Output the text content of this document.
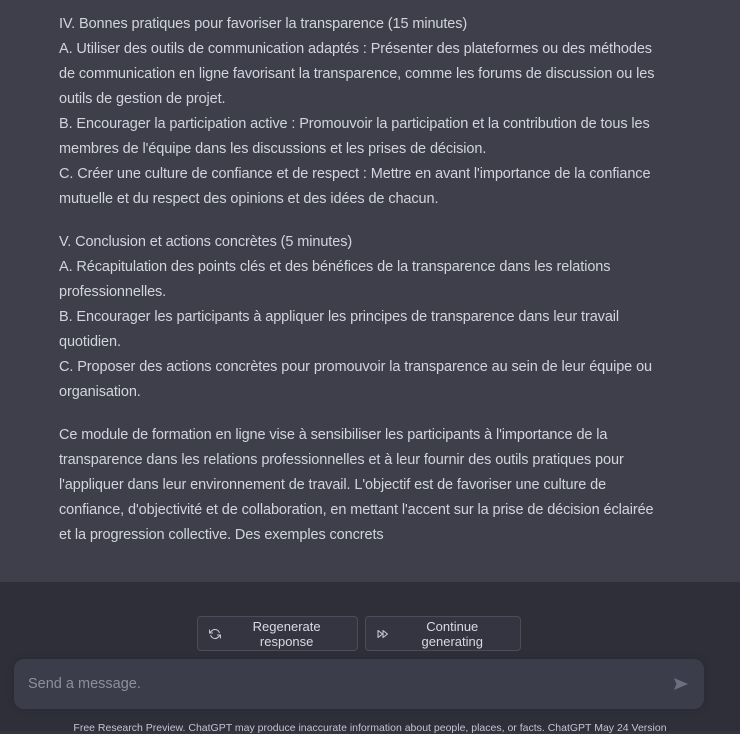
IV. Bonnes pratiques pour favoriser la transparence (15 minutes)

A. Utiliser des outils de communication adaptés : Présenter des plateformes ou des méthodes de communication en ligne favorisant la transparence, comme les forums de discussion ou les outils de gestion de projet.

B. Encourager la participation active : Promouvoir la participation et la contribution de tous les membres de l'équipe dans les discussions et les prises de décision.

C. Créer une culture de confiance et de respect : Mettre en avant l'importance de la confiance mutuelle et du respect des opinions et des idées de chacun.

V. Conclusion et actions concrètes (5 minutes)

A. Récapitulation des points clés et des bénéfices de la transparence dans les relations professionnelles.

B. Encourager les participants à appliquer les principes de transparence dans leur travail quotidien.

C. Proposer des actions concrètes pour promouvoir la transparence au sein de leur équipe ou organisation.

Ce module de formation en ligne vise à sensibiliser les participants à l'importance de la transparence dans les relations professionnelles et à leur fournir des outils pratiques pour l'appliquer dans leur environnement de travail. L'objectif est de favoriser une culture de confiance, d'objectivité et de collaboration, en mettant l'accent sur la prise de décision éclairée et la progression collective. Des exemples concrets

Regenerate response
Continue generating
Send a message.
Free Research Preview. ChatGPT may produce inaccurate information about people, places, or facts. ChatGPT May 24 Version
